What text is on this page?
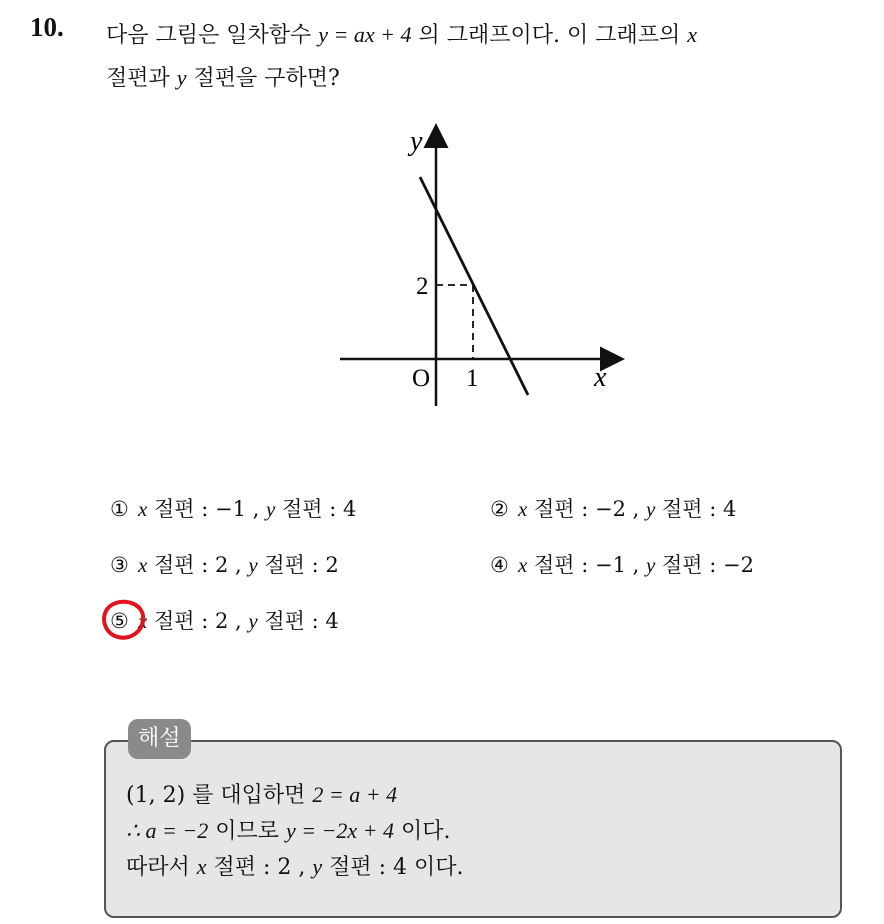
10. 다음 그림은 일차함수 y = ax + 4 의 그래프이다. 이 그래프의 x
절편과 y 절편을 구하면?
y
x
O 1
2
① x 절편 : −1 , y 절편 : 4	② x 절편 : −2 , y 절편 : 4
③ x 절편 : 2 , y 절편 : 2	④ x 절편 : −1 , y 절편 : −2
⑤ x 절편 : 2 , y 절편 : 4
해설
(1, 2) 를 대입하면 2 = a + 4
∴ a = −2 이므로 y = −2x + 4 이다.
따라서 x 절편 : 2 , y 절편 : 4 이다.
